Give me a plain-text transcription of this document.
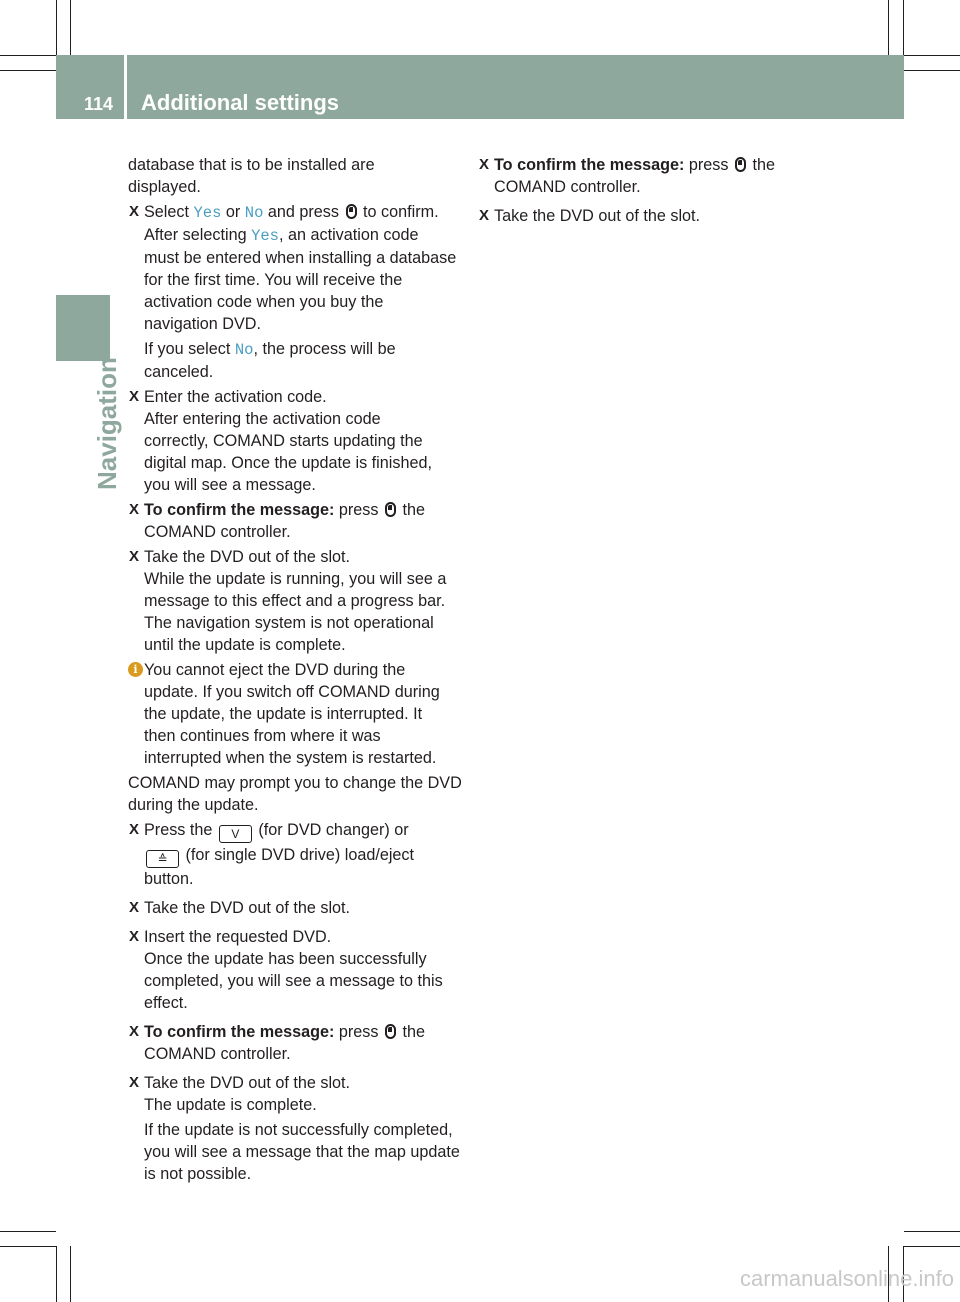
114 Additional settings
Navigation
database that is to be installed are
displayed.
X Select Yes or No and press  to confirm.
After selecting Yes, an activation code
must be entered when installing a database
for the first time. You will receive the
activation code when you buy the
navigation DVD.
If you select No, the process will be
canceled.
X Enter the activation code.
After entering the activation code
correctly, COMAND starts updating the
digital map. Once the update is finished,
you will see a message.
X To confirm the message: press  the
COMAND controller.
X Take the DVD out of the slot.
While the update is running, you will see a
message to this effect and a progress bar.
The navigation system is not operational
until the update is complete.
i You cannot eject the DVD during the
update. If you switch off COMAND during
the update, the update is interrupted. It
then continues from where it was
interrupted when the system is restarted.
COMAND may prompt you to change the DVD
during the update.
X Press the V (for DVD changer) or
≙ (for single DVD drive) load/eject
button.
X Take the DVD out of the slot.
X Insert the requested DVD.
Once the update has been successfully
completed, you will see a message to this
effect.
X To confirm the message: press  the
COMAND controller.
X Take the DVD out of the slot.
The update is complete.
If the update is not successfully completed,
you will see a message that the map update
is not possible.
X To confirm the message: press  the
COMAND controller.
X Take the DVD out of the slot.
carmanualsonline.info
